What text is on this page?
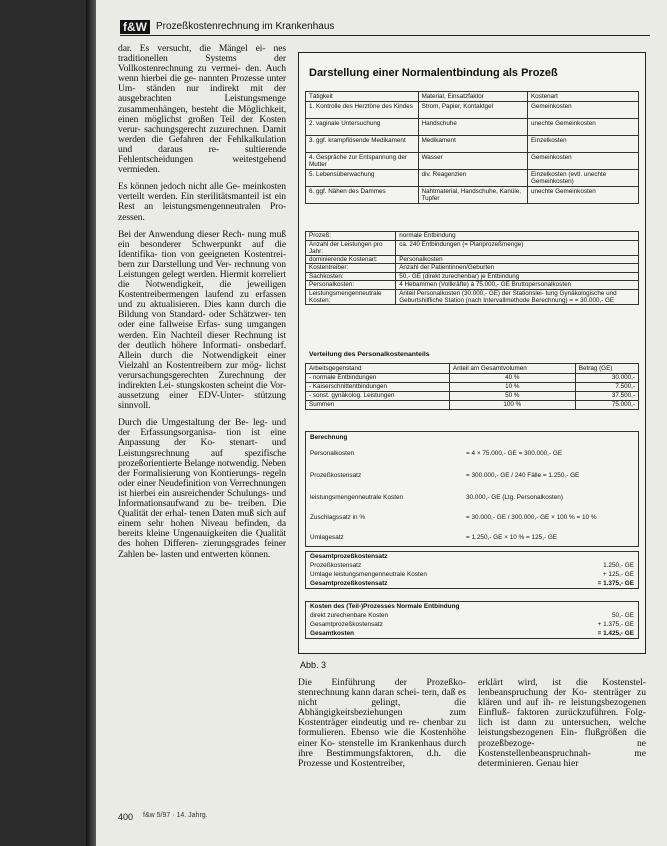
f&W Prozeßkostenrechnung im Krankenhaus

dar. Es versucht, die Mängel ei- nes traditionellen Systems der Vollkostenrechnung zu vermei- den. Auch wenn hierbei die ge- nannten Prozesse unter Um- ständen nur indirekt mit der ausgebrachten Leistungsmenge zusammenhängen, besteht die Möglichkeit, einen möglichst großen Teil der Kosten verur- sachungsgerecht zuzurechnen. Damit werden die Gefahren der Fehlkalkulation und daraus re- sultierende Fehlentscheidungen weitestgehend vermieden.

Es können jedoch nicht alle Ge- meinkosten verteilt werden. Ein sterilitätsmanteil ist ein Rest an leistungsmengenneutralen Pro- zessen.

Bei der Anwendung dieser Rech- nung muß ein besonderer Schwerpunkt auf die Identifika- tion von geeigneten Kostentrei- bern zur Darstellung und Ver- rechnung von Leistungen gelegt werden. Hiermit korreliert die Notwendigkeit, die jeweiligen Kostentreibermengen laufend zu erfassen und zu aktualisieren. Dies kann durch die Bildung von Standard- oder Schätzwer- ten oder eine fallweise Erfas- sung umgangen werden. Ein Nachteil dieser Rechnung ist der deutlich höhere Informati- onsbedarf. Allein durch die Notwendigkeit einer Vielzahl an Kostentreibern zur mög- lichst verursachungsgerechten Zurechnung der indirekten Lei- stungskosten scheint die Vor- aussetzung einer EDV-Unter- stützung sinnvoll.

Durch die Umgestaltung der Be- leg- und der Erfassungsorganisa- tion ist eine Anpassung der Ko- stenart- und Leistungsrechnung auf spezifische prozeßorientierte Belange notwendig. Neben der Formalisierung von Kontierungs- regeln oder einer Neudefinition von Verrechnungen ist hierbei ein ausreichender Schulungs- und Informationsaufwand zu be- treiben. Die Qualität der erhal- tenen Daten muß sich auf einem sehr hohen Niveau befinden, da bereits kleine Ungenauigkeiten die Qualität des hohen Differen- zierungsgrades feiner Zahlen be- lasten und entwerten können.

Darstellung einer Normalentbindung als Prozeß
Tätigkeit	Material, Einsatzfaktor	Kostenart
1. Kontrolle des Herztöne des Kindes	Strom, Papier, Kontaktgel	Gemeinkosten
2. vaginale Untersuchung	Handschuhe	unechte Gemeinkosten
3. ggf. krampflösende Medikament	Medikament	Einzelkosten
4. Gespräche zur Entspannung der Mutter	Wasser	Gemeinkosten
5. Lebensüberwachung	div. Reagenzien	Einzelkosten (evtl. unechte Gemeinkosten)
6. ggf. Nähen des Dammes	Nahtmaterial, Handschuhe, Kanüle, Tupfer	unechte Gemeinkosten
Prozeß:	normale Entbindung
Anzahl der Leistungen pro Jahr:	ca. 240 Entbindungen (= Planprozeßmenge)
dominierende Kostenart:	Personalkosten
Kostentreiber:	Anzahl der Patientinnen/Geburten
Sachkosten:	50,- GE (direkt zurechenbar) je Entbindung
Personalkosten:	4 Hebammen (Vollkräfte) à 75.000,- GE Bruttopersonalkosten
Leistungsmengenneutrale Kosten:	Anteil Personalkosten (30.000,- GE) der Stationslei- tung Gynäkologische und Geburtshilfliche Station (nach Intervallmethode Berechnung) = = 30.000,- GE
Verteilung des Personalkostenanteils
Arbeitsgegenstand	Anteil am Gesamtvolumen	Betrag (GE)
- normale Entbindungen	40 %	30.000,-
- Kaiserschnittentbindungen	10 %	7.500,-
- sonst. gynäkolog. Leistungen	50 %	37.500,-
Summen	100 %	75.000,-
Berechnung
Personalkosten	= 4 × 75.000,- GE = 300.000,- GE
Prozeßkostensatz	= 300.000,- GE / 240 Fälle = 1.250,- GE
leistungsmengenneutrale Kosten	30.000,- GE (Ltg. Personalkosten)
Zuschlagssatz in %	= 30.000,- GE / 300.000,- GE × 100 % = 10 %
Umlagesatz	= 1.250,- GE × 10 % = 125,- GE
Gesamtprozeßkostensatz
Prozeßkostensatz	1.250,- GE
Umlage leistungsmengenneutrale Kosten	+ 125,- GE
Gesamtprozeßkostensatz	= 1.375,- GE
Kosten des (Teil-)Prozesses Normale Entbindung
direkt zurechenbare Kosten	50,- GE
Gesamtprozeßkostensatz	+ 1.375,- GE
Gesamtkosten	= 1.425,- GE
Abb. 3
Die Einführung der Prozeßko- stenrechnung kann daran schei- tern, daß es nicht gelingt, die Abhängigkeitsbeziehungen zum Kostenträger eindeutig und re- chenbar zu formulieren. Ebenso wie die Kostenhöhe einer Ko- stenstelle im Krankenhaus durch ihre Bestimmungsfaktoren, d.h. die Prozesse und Kostentreiber,
erklärt wird, ist die Kostenstel- lenbeanspruchung der Ko- stenträger zu klären und auf ih- re leistungsbezogenen Einfluß- faktoren zurückzuführen. Folg- lich ist dann zu untersuchen, welche leistungsbezogenen Ein- flußgrößen die prozeßbezoge- ne Kostenstellenbeanspruchnah- me determinieren. Genau hier
400 f&w 5/97 · 14. Jahrg.
